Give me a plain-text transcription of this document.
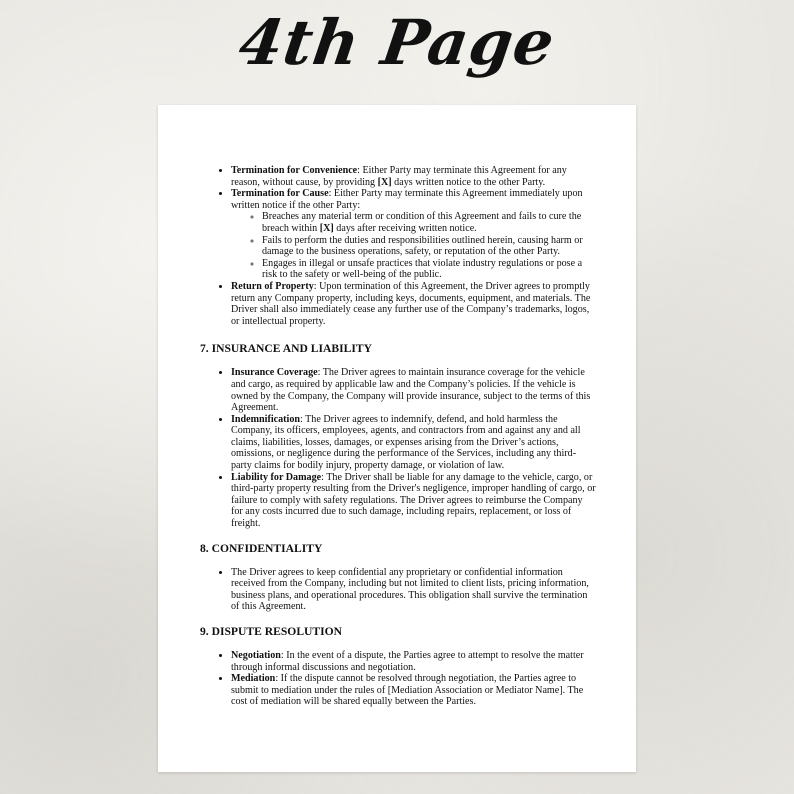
4th Page
• Termination for Convenience: Either Party may terminate this Agreement for any reason, without cause, by providing [X] days written notice to the other Party.
• Termination for Cause: Either Party may terminate this Agreement immediately upon written notice if the other Party:
◦ Breaches any material term or condition of this Agreement and fails to cure the breach within [X] days after receiving written notice.
◦ Fails to perform the duties and responsibilities outlined herein, causing harm or damage to the business operations, safety, or reputation of the other Party.
◦ Engages in illegal or unsafe practices that violate industry regulations or pose a risk to the safety or well-being of the public.
• Return of Property: Upon termination of this Agreement, the Driver agrees to promptly return any Company property, including keys, documents, equipment, and materials. The Driver shall also immediately cease any further use of the Company’s trademarks, logos, or intellectual property.
7. INSURANCE AND LIABILITY
• Insurance Coverage: The Driver agrees to maintain insurance coverage for the vehicle and cargo, as required by applicable law and the Company’s policies. If the vehicle is owned by the Company, the Company will provide insurance, subject to the terms of this Agreement.
• Indemnification: The Driver agrees to indemnify, defend, and hold harmless the Company, its officers, employees, agents, and contractors from and against any and all claims, liabilities, losses, damages, or expenses arising from the Driver’s actions, omissions, or negligence during the performance of the Services, including any third-party claims for bodily injury, property damage, or violation of law.
• Liability for Damage: The Driver shall be liable for any damage to the vehicle, cargo, or third-party property resulting from the Driver's negligence, improper handling of cargo, or failure to comply with safety regulations. The Driver agrees to reimburse the Company for any costs incurred due to such damage, including repairs, replacement, or loss of freight.
8. CONFIDENTIALITY
• The Driver agrees to keep confidential any proprietary or confidential information received from the Company, including but not limited to client lists, pricing information, business plans, and operational procedures. This obligation shall survive the termination of this Agreement.
9. DISPUTE RESOLUTION
• Negotiation: In the event of a dispute, the Parties agree to attempt to resolve the matter through informal discussions and negotiation.
• Mediation: If the dispute cannot be resolved through negotiation, the Parties agree to submit to mediation under the rules of [Mediation Association or Mediator Name]. The cost of mediation will be shared equally between the Parties.
